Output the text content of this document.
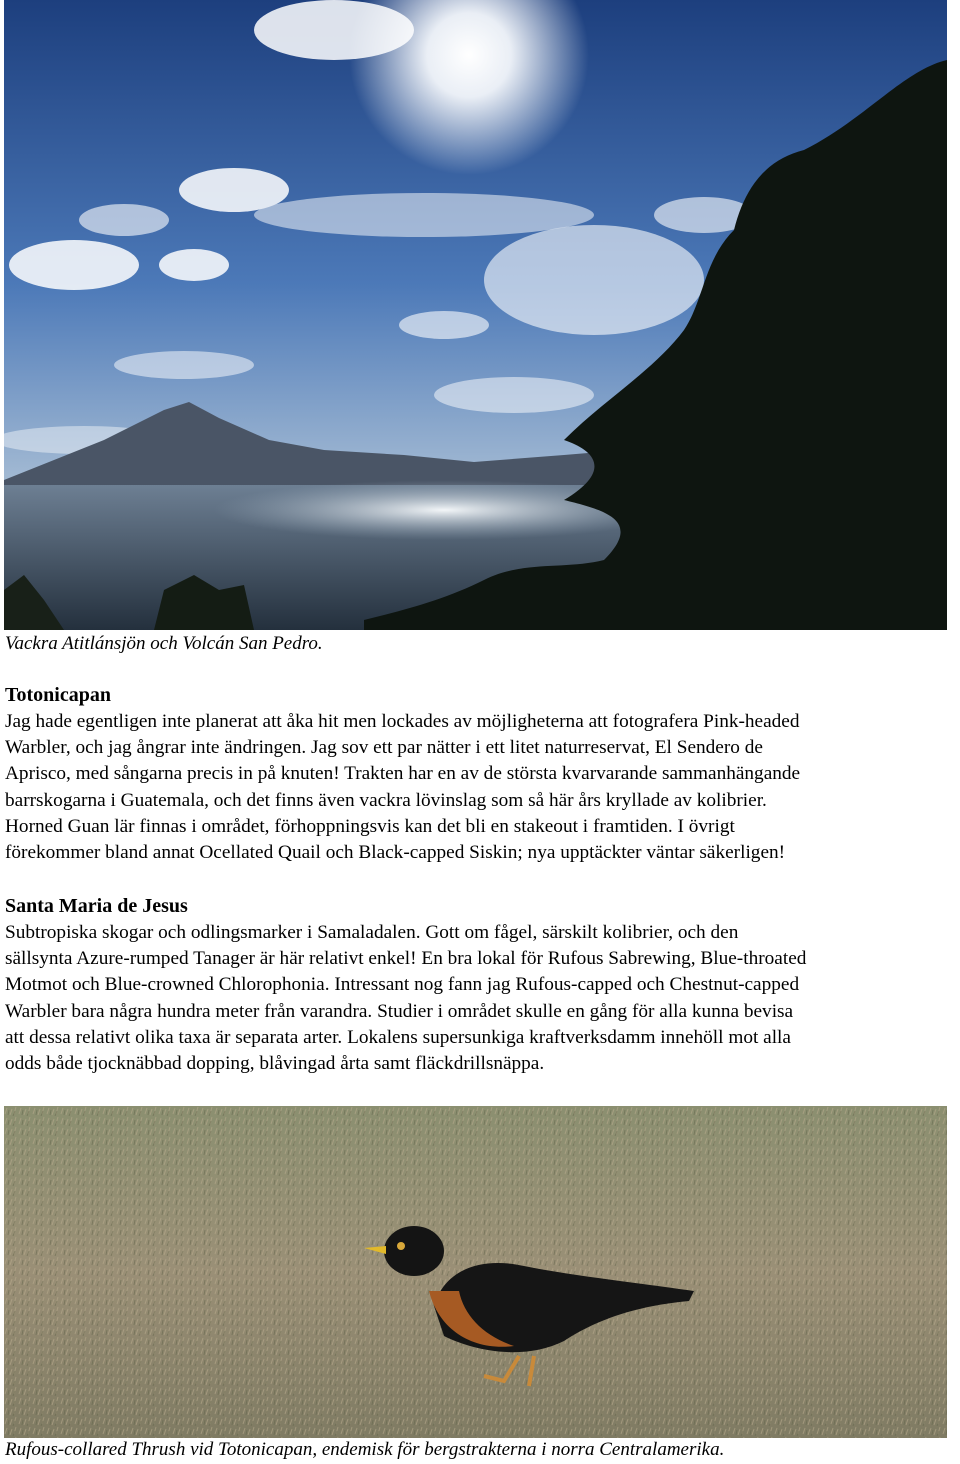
Vackra Atitlánsjön och Volcán San Pedro.
Totonicapan
Jag hade egentligen inte planerat att åka hit men lockades av möjligheterna att fotografera Pink-headed
Warbler, och jag ångrar inte ändringen. Jag sov ett par nätter i ett litet naturreservat, El Sendero de
Aprisco, med sångarna precis in på knuten! Trakten har en av de största kvarvarande sammanhängande
barrskogarna i Guatemala, och det finns även vackra lövinslag som så här års kryllade av kolibrier.
Horned Guan lär finnas i området, förhoppningsvis kan det bli en stakeout i framtiden. I övrigt
förekommer bland annat Ocellated Quail och Black-capped Siskin; nya upptäckter väntar säkerligen!
Santa Maria de Jesus
Subtropiska skogar och odlingsmarker i Samaladalen. Gott om fågel, särskilt kolibrier, och den
sällsynta Azure-rumped Tanager är här relativt enkel! En bra lokal för Rufous Sabrewing, Blue-throated
Motmot och Blue-crowned Chlorophonia. Intressant nog fann jag Rufous-capped och Chestnut-capped
Warbler bara några hundra meter från varandra. Studier i området skulle en gång för alla kunna bevisa
att dessa relativt olika taxa är separata arter. Lokalens supersunkiga kraftverksdamm innehöll mot alla
odds både tjocknäbbad dopping, blåvingad årta samt fläckdrillsnäppa.
Rufous-collared Thrush vid Totonicapan, endemisk för bergstrakterna i norra Centralamerika.
